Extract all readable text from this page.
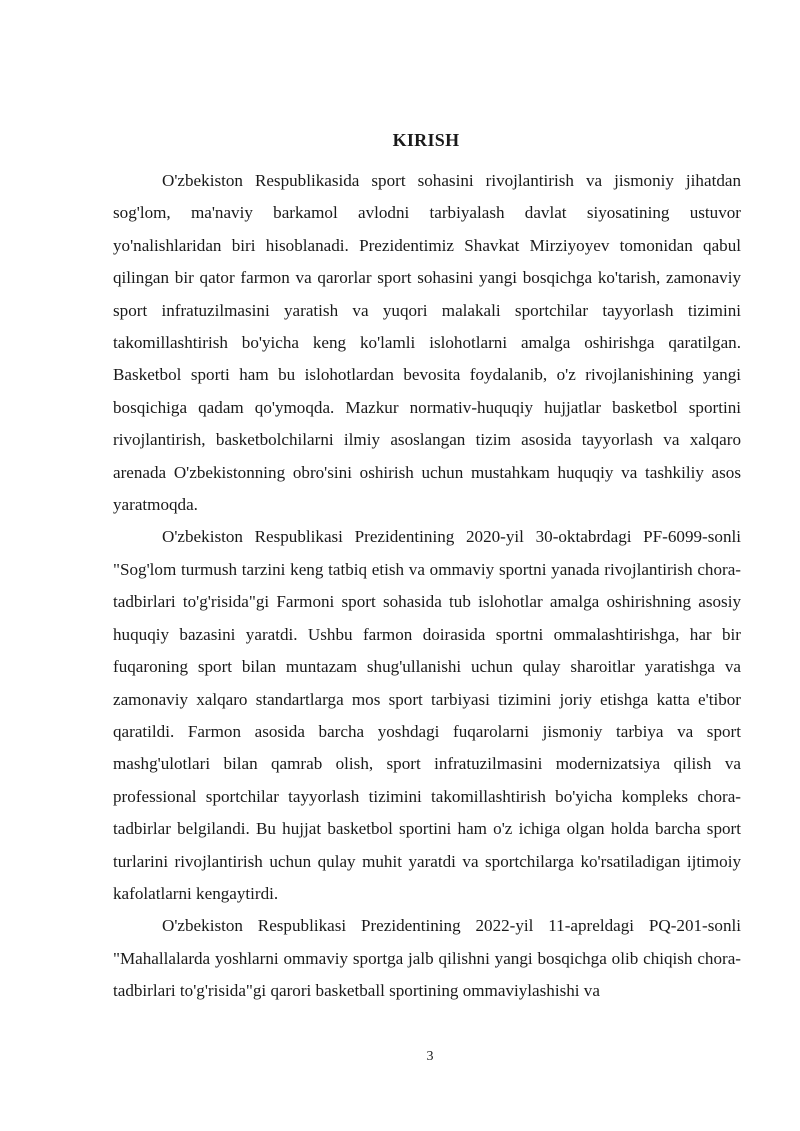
KIRISH

O'zbekiston Respublikasida sport sohasini rivojlantirish va jismoniy jihatdan sog'lom, ma'naviy barkamol avlodni tarbiyalash davlat siyosatining ustuvor yo'nalishlaridan biri hisoblanadi. Prezidentimiz Shavkat Mirziyoyev tomonidan qabul qilingan bir qator farmon va qarorlar sport sohasini yangi bosqichga ko'tarish, zamonaviy sport infratuzilmasini yaratish va yuqori malakali sportchilar tayyorlash tizimini takomillashtirish bo'yicha keng ko'lamli islohotlarni amalga oshirishga qaratilgan. Basketbol sporti ham bu islohotlardan bevosita foydalanib, o'z rivojlanishining yangi bosqichiga qadam qo'ymoqda. Mazkur normativ-huquqiy hujjatlar basketbol sportini rivojlantirish, basketbolchilarni ilmiy asoslangan tizim asosida tayyorlash va xalqaro arenada O'zbekistonning obro'sini oshirish uchun mustahkam huquqiy va tashkiliy asos yaratmoqda.

O'zbekiston Respublikasi Prezidentining 2020-yil 30-oktabrdagi PF-6099-sonli "Sog'lom turmush tarzini keng tatbiq etish va ommaviy sportni yanada rivojlantirish chora-tadbirlari to'g'risida"gi Farmoni sport sohasida tub islohotlar amalga oshirishning asosiy huquqiy bazasini yaratdi. Ushbu farmon doirasida sportni ommalashtirishga, har bir fuqaroning sport bilan muntazam shug'ullanishi uchun qulay sharoitlar yaratishga va zamonaviy xalqaro standartlarga mos sport tarbiyasi tizimini joriy etishga katta e'tibor qaratildi. Farmon asosida barcha yoshdagi fuqarolarni jismoniy tarbiya va sport mashg'ulotlari bilan qamrab olish, sport infratuzilmasini modernizatsiya qilish va professional sportchilar tayyorlash tizimini takomillashtirish bo'yicha kompleks chora-tadbirlar belgilandi. Bu hujjat basketbol sportini ham o'z ichiga olgan holda barcha sport turlarini rivojlantirish uchun qulay muhit yaratdi va sportchilarga ko'rsatiladigan ijtimoiy kafolatlarni kengaytirdi.

O'zbekiston Respublikasi Prezidentining 2022-yil 11-apreldagi PQ-201-sonli "Mahallalarda yoshlarni ommaviy sportga jalb qilishni yangi bosqichga olib chiqish chora-tadbirlari to'g'risida"gi qarori basketball sportining ommaviylashishi va

3
